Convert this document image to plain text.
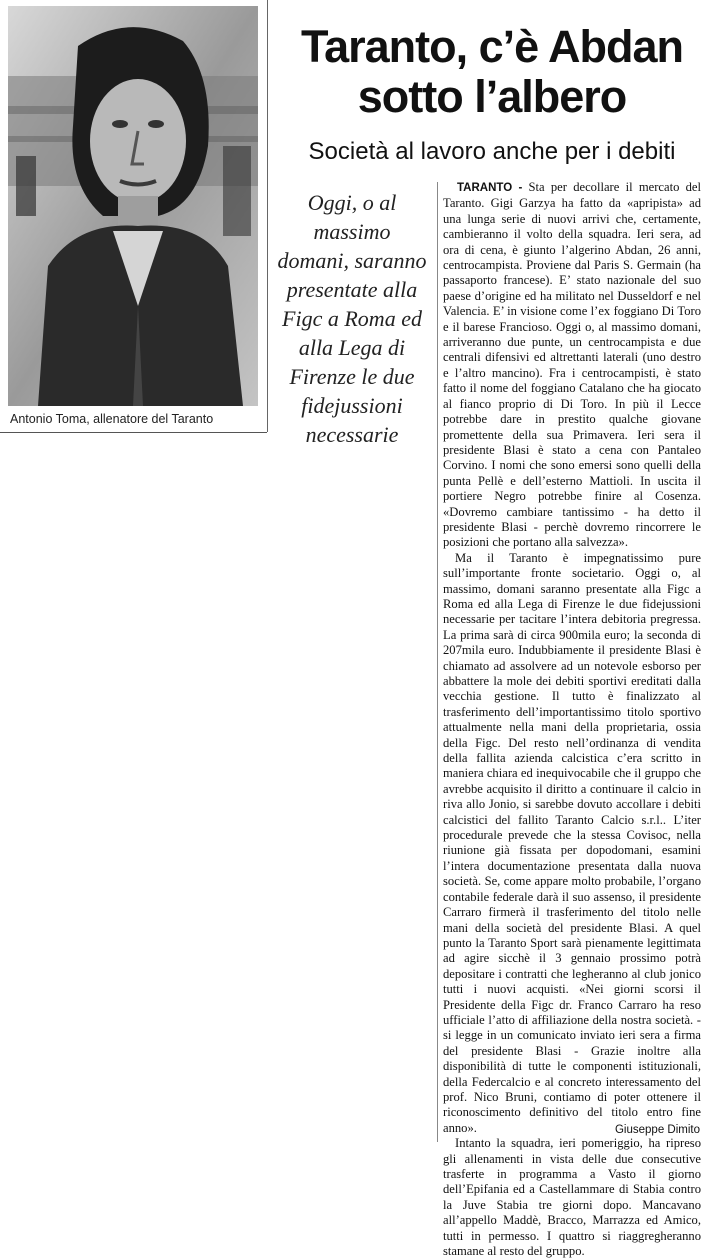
Antonio Toma, allenatore del Taranto
Taranto, c’è Abdan
sotto l’albero
Società al lavoro anche per i debiti
Oggi, o al
massimo
domani, saranno
presentate alla
Figc a Roma ed
alla Lega di
Firenze le due
fidejussioni
necessarie

TARANTO - Sta per decollare il mercato del Taranto. Gigi Garzya ha fatto da «apripista» ad una lunga serie di nuovi arrivi che, certamente, cambieranno il volto della squadra. Ieri sera, ad ora di cena, è giunto l’algerino Abdan, 26 anni, centrocampista. Proviene dal Paris S. Germain (ha passaporto francese). E’ stato nazionale del suo paese d’origine ed ha militato nel Dusseldorf e nel Valencia. E’ in visione come l’ex foggiano Di Toro e il barese Francioso. Oggi o, al massimo domani, arriveranno due punte, un centrocampista e due centrali difensivi ed altrettanti laterali (uno destro e l’altro mancino). Fra i centrocampisti, è stato fatto il nome del foggiano Catalano che ha giocato al fianco proprio di Di Toro. In più il Lecce potrebbe dare in prestito qualche giovane promettente della sua Primavera. Ieri sera il presidente Blasi è stato a cena con Pantaleo Corvino. I nomi che sono emersi sono quelli della punta Pellè e dell’esterno Mattioli. In uscita il portiere Negro potrebbe finire al Cosenza. «Dovremo cambiare tantissimo - ha detto il presidente Blasi - perchè dovremo rincorrere le posizioni che portano alla salvezza».

Ma il Taranto è impegnatissimo pure sull’importante fronte societario. Oggi o, al massimo, domani saranno presentate alla Figc a Roma ed alla Lega di Firenze le due fidejussioni necessarie per tacitare l’intera debitoria pregressa. La prima sarà di circa 900mila euro; la seconda di 207mila euro. Indubbiamente il presidente Blasi è chiamato ad assolvere ad un notevole esborso per abbattere la mole dei debiti sportivi ereditati dalla vecchia gestione. Il tutto è finalizzato al trasferimento dell’importantissimo titolo sportivo attualmente nella mani della proprietaria, ossia della Figc. Del resto nell’ordinanza di vendita della fallita azienda calcistica c’era scritto in maniera chiara ed inequivocabile che il gruppo che avrebbe acquisito il diritto a continuare il calcio in riva allo Jonio, si sarebbe dovuto accollare i debiti calcistici del fallito Taranto Calcio s.r.l.. L’iter procedurale prevede che la stessa Covisoc, nella riunione già fissata per dopodomani, esamini l’intera documentazione presentata dalla nuova società. Se, come appare molto probabile, l’organo contabile federale darà il suo assenso, il presidente Carraro firmerà il trasferimento del titolo nelle mani della società del presidente Blasi. A quel punto la Taranto Sport sarà pienamente legittimata ad agire sicchè il 3 gennaio prossimo potrà depositare i contratti che legheranno al club jonico tutti i nuovi acquisti. «Nei giorni scorsi il Presidente della Figc dr. Franco Carraro ha reso ufficiale l’atto di affiliazione della nostra società. - si legge in un comunicato inviato ieri sera a firma del presidente Blasi - Grazie inoltre alla disponibilità di tutte le componenti istituzionali, della Federcalcio e al concreto interessamento del prof. Nico Bruni, contiamo di poter ottenere il riconoscimento definitivo del titolo entro fine anno».

Intanto la squadra, ieri pomeriggio, ha ripreso gli allenamenti in vista delle due consecutive trasferte in programma a Vasto il giorno dell’Epifania ed a Castellammare di Stabia contro la Juve Stabia tre giorni dopo. Mancavano all’appello Maddè, Bracco, Marrazza ed Amico, tutti in permesso. I quattro si riaggregheranno stamane al resto del gruppo.

Giuseppe Dimito
